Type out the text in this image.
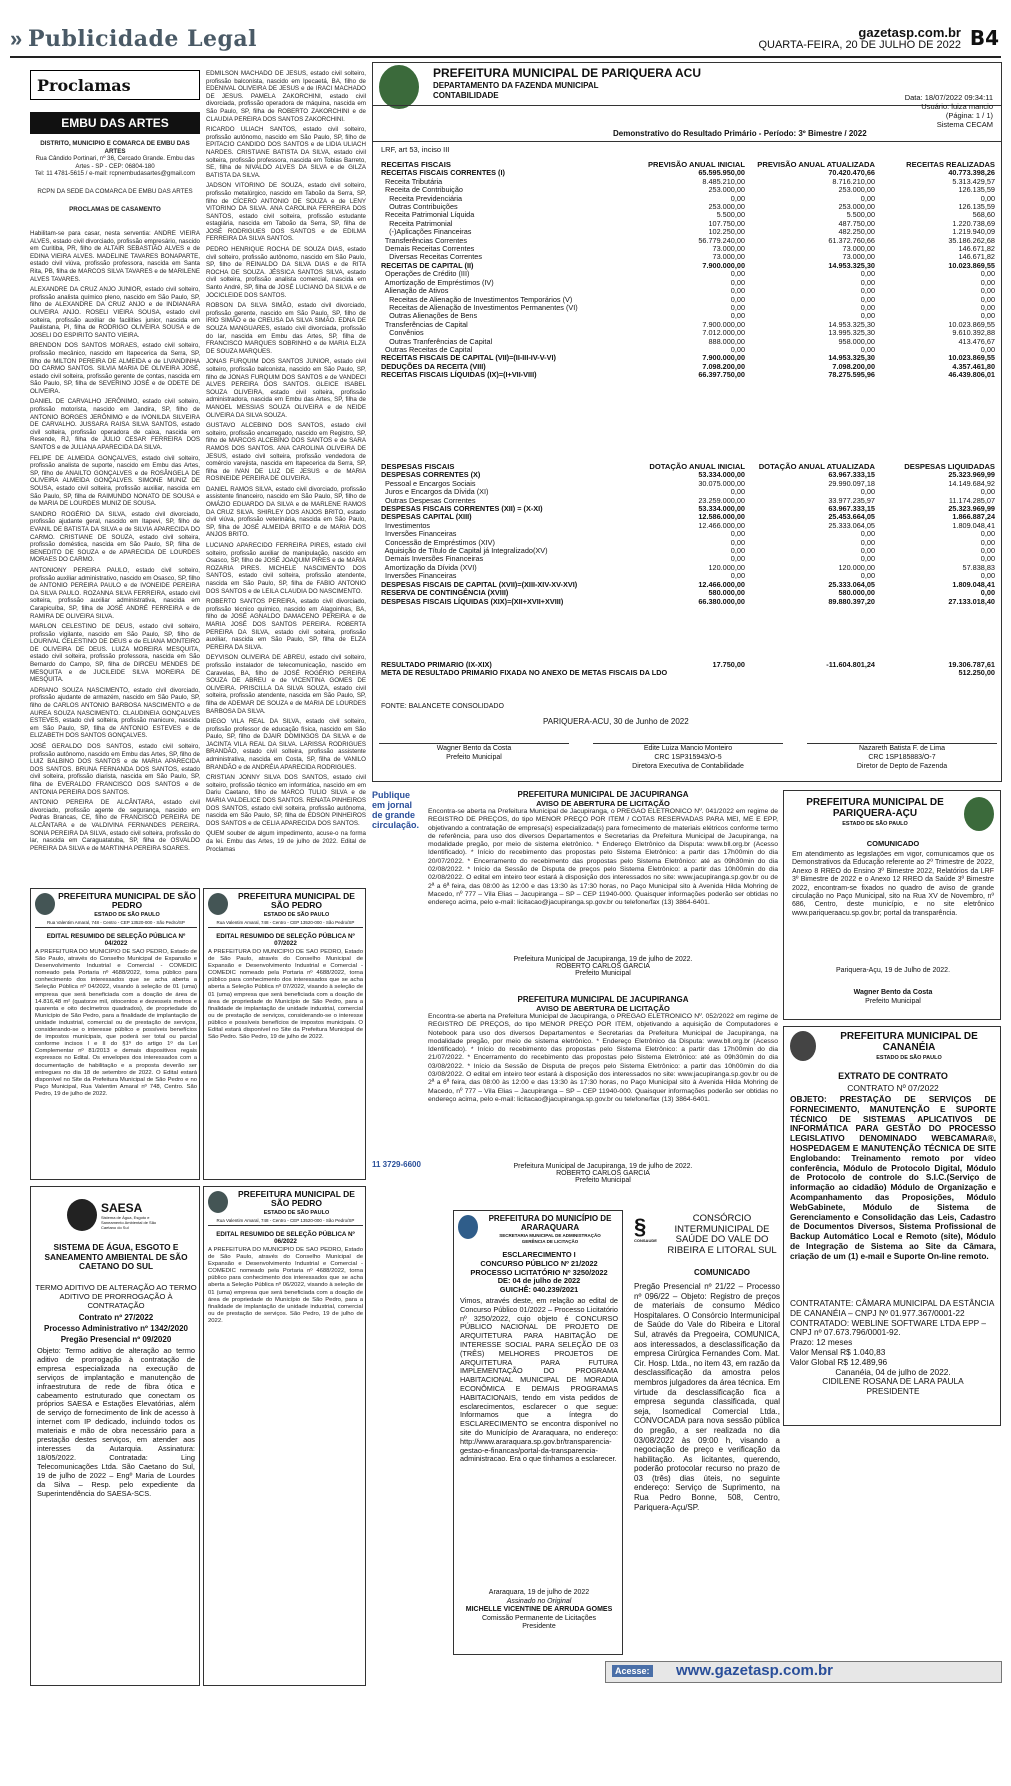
» Publicidade Legal	gazetasp.com.br
QUARTA-FEIRA, 20 DE JULHO DE 2022 B4
Proclamas
EMBU DAS ARTES
DISTRITO, MUNICÍPIO E COMARCA DE EMBU DAS ARTES
Rua Cândido Portinari, nº 36, Cercado Grande. Embu das Artes - SP - CEP: 06804-180
Tel: 11 4781-5615 / e-mail: rcpnembudasartes@gmail.com
RCPN DA SEDE DA COMARCA DE EMBU DAS ARTES
PROCLAMAS DE CASAMENTO

Habilitam-se para casar, nesta serventia: ANDRÉ VIEIRA ALVES, estado civil divorciado, profissão empresário, nascido em Curitiba, PR, filho de ALTAIR SEBASTIÃO ALVES e de EDINA VIEIRA ALVES. MADELINE TAVARES BONAPARTE, estado civil viúva, profissão professora, nascida em Santa Rita, PB, filha de MARCOS SILVA TAVARES e de MARILENE ALVES TAVARES.

ALEXANDRE DA CRUZ ANJO JUNIOR, estado civil solteiro, profissão analista químico pleno, nascido em São Paulo, SP, filho de ALEXANDRE DA CRUZ ANJO e de INDIANARA OLIVEIRA ANJO. ROSELI VIEIRA SOUSA, estado civil solteira, profissão auxiliar de facilities junior, nascida em Paulistana, PI, filha de RODRIGO OLIVEIRA SOUSA e de JOSELI DO ESPIRITO SANTO VIEIRA.

BRENDON DOS SANTOS MORAES, estado civil solteiro, profissão mecânico, nascido em Itapecerica da Serra, SP, filho de MILTON PEREIRA DE ALMEIDA e de LIVANDINHA DO CARMO SANTOS. SILVIA MARIA DE OLIVEIRA JOSÉ, estado civil solteira, profissão gerente de contas, nascida em São Paulo, SP, filha de SEVERINO JOSÉ e de ODETE DE OLIVEIRA.

DANIEL DE CARVALHO JERÔNIMO, estado civil solteiro, profissão motorista, nascido em Jandira, SP, filho de ANTONIO BORGES JERÔNIMO e de IVONILDA SILVEIRA DE CARVALHO. JUSSARA RAISA SILVA SANTOS, estado civil solteira, profissão operadora de caixa, nascida em Resende, RJ, filha de JULIO CESAR FERREIRA DOS SANTOS e de JULIANA APARECIDA DA SILVA.

FELIPE DE ALMEIDA GONÇALVES, estado civil solteiro, profissão analista de suporte, nascido em Embu das Artes, SP, filho de ANAILTO GONÇALVES e de ROSÂNGELA DE OLIVEIRA ALMEIDA GONÇALVES. SIMONE MUNIZ DE SOUSA, estado civil solteira, profissão auxiliar, nascida em São Paulo, SP, filha de RAIMUNDO NONATO DE SOUSA e de MARIA DE LOURDES MUNIZ DE SOUSA.

SANDRO ROGÉRIO DA SILVA, estado civil divorciado, profissão ajudante geral, nascido em Itapevi, SP, filho de EVANIL DE BATISTA DA SILVA e de SILVIA APARECIDA DO CARMO. CRISTIANE DE SOUZA, estado civil solteira, profissão doméstica, nascida em São Paulo, SP, filha de BENEDITO DE SOUZA e de APARECIDA DE LOURDES MORAES DO CARMO.

ANTONIONY PEREIRA PAULO, estado civil solteiro, profissão auxiliar administrativo, nascido em Osasco, SP, filho de ANTONIO PEREIRA PAULO e de IVONEIDE PEREIRA DA SILVA PAULO. ROZANNA SILVA FERREIRA, estado civil solteira, profissão auxiliar administrativa, nascida em Carapicuíba, SP, filha de JOSÉ ANDRÉ FERREIRA e de RAMIRA DE OLIVEIRA SILVA.

MARLON CELESTINO DE DEUS, estado civil solteiro, profissão vigilante, nascido em São Paulo, SP, filho de LOURIVAL CELESTINO DE DEUS e de ELIANA MONTEIRO DE OLIVEIRA DE DEUS. LUIZA MOREIRA MESQUITA, estado civil solteira, profissão professora, nascida em São Bernardo do Campo, SP, filha de DIRCEU MENDES DE MESQUITA e de JUCILEIDE SILVA MOREIRA DE MESQUITA.

ADRIANO SOUZA NASCIMENTO, estado civil divorciado, profissão ajudante de armazém, nascido em São Paulo, SP, filho de CARLOS ANTONIO BARBOSA NASCIMENTO e de AUREA SOUZA NASCIMENTO. CLAUDINEIA GONÇALVES ESTEVES, estado civil solteira, profissão manicure, nascida em São Paulo, SP, filha de ANTONIO ESTEVES e de ELIZABETH DOS SANTOS GONÇALVES.

JOSÉ GERALDO DOS SANTOS, estado civil solteiro, profissão autônomo, nascido em Embu das Artes, SP, filho de LUIZ BALBINO DOS SANTOS e de MARIA APARECIDA DOS SANTOS. BRUNA FERNANDA DOS SANTOS, estado civil solteira, profissão diarista, nascida em São Paulo, SP, filha de EVERALDO FRANCISCO DOS SANTOS e de ANTONIA PEREIRA DOS SANTOS.

ANTONIO PEREIRA DE ALCÂNTARA, estado civil divorciado, profissão agente de segurança, nascido em Pedras Brancas, CE, filho de FRANCISCO PEREIRA DE ALCÂNTARA e de VALDIVINA FERNANDES PEREIRA. SONIA PEREIRA DA SILVA, estado civil solteira, profissão do lar, nascida em Caraguatatuba, SP, filha de OSVALDO PEREIRA DA SILVA e de MARTINHA PEREIRA SOARES.

EDMILSON MACHADO DE JESUS, estado civil solteiro, profissão balconista, nascido em Ipecaetá, BA, filho de EDENIVAL OLIVEIRA DE JESUS e de IRACI MACHADO DE JESUS. PAMELA ZAKORCHINI, estado civil divorciada, profissão operadora de máquina, nascida em São Paulo, SP, filha de ROBERTO ZAKORCHINI e de CLAUDIA PEREIRA DOS SANTOS ZAKORCHINI.

RICARDO ULIACH SANTOS, estado civil solteiro, profissão autônomo, nascido em São Paulo, SP, filho de EPITACIO CANDIDO DOS SANTOS e de LIDIA ULIACH NARDES. CRISTIANE BATISTA DA SILVA, estado civil solteira, profissão professora, nascida em Tobias Barreto, SE, filha de NIVALDO ALVES DA SILVA e de GILZA BATISTA DA SILVA.

JADSON VITORINO DE SOUZA, estado civil solteiro, profissão metalúrgico, nascido em Taboão da Serra, SP, filho de CÍCERO ANTONIO DE SOUZA e de LENY VITORINO DA SILVA. ANA CAROLINA FERREIRA DOS SANTOS, estado civil solteira, profissão estudante estagiária, nascida em Taboão da Serra, SP, filha de JOSÉ RODRIGUES DOS SANTOS e de EDILMA FERREIRA DA SILVA SANTOS.

PEDRO HENRIQUE ROCHA DE SOUZA DIAS, estado civil solteiro, profissão autônomo, nascido em São Paulo, SP, filho de REINALDO DA SILVA DIAS e de RITA ROCHA DE SOUZA. JÉSSICA SANTOS SILVA, estado civil solteira, profissão analista comercial, nascida em Santo André, SP, filha de JOSÉ LUCIANO DA SILVA e de JOCICLEIDE DOS SANTOS.

ROBSON DA SILVA SIMÃO, estado civil divorciado, profissão gerente, nascido em São Paulo, SP, filho de IRIO SIMÃO e de CREUSA DA SILVA SIMÃO. EDNA DE SOUZA MANGUARES, estado civil divorciada, profissão do lar, nascida em Embu das Artes, SP, filha de FRANCISCO MARQUES SOBRINHO e de MARIA ELZA DE SOUZA MARQUES.

JONAS FURQUIM DOS SANTOS JUNIOR, estado civil solteiro, profissão balconista, nascido em São Paulo, SP, filho de JONAS FURQUIM DOS SANTOS e de VANDECI ALVES PEREIRA DOS SANTOS. GLEICE ISABEL SOUZA OLIVEIRA, estado civil solteira, profissão administradora, nascida em Embu das Artes, SP, filha de MANOEL MESSIAS SOUZA OLIVEIRA e de NEIDE OLIVEIRA DA SILVA SOUZA.

GUSTAVO ALCEBINO DOS SANTOS, estado civil solteiro, profissão encarregado, nascido em Registro, SP, filho de MARCOS ALCEBINO DOS SANTOS e de SARA RAMOS DOS SANTOS. ANA CAROLINA OLIVEIRA DE JESUS, estado civil solteira, profissão vendedora de comércio varejista, nascida em Itapecerica da Serra, SP, filha de IVAN DE LUZ DE JESUS e de MARIA ROSINEIDE PEREIRA DE OLIVEIRA.

DANIEL RAMOS SILVA, estado civil divorciado, profissão assistente financeiro, nascido em São Paulo, SP, filho de OMÁZIO EDUARDO DA SILVA e de MARLENE RAMOS DA CRUZ SILVA. SHIRLEY DOS ANJOS BRITO, estado civil viúva, profissão veterinária, nascida em São Paulo, SP, filha de JOSÉ ALMEIDA BRITO e de MARIA DOS ANJOS BRITO.

LUCIANO APARECIDO FERREIRA PIRES, estado civil solteiro, profissão auxiliar de manipulação, nascido em Osasco, SP, filho de JOSÉ JOAQUIM PIRES e de MARIA ROZARIA PIRES. MICHELE NASCIMENTO DOS SANTOS, estado civil solteira, profissão atendente, nascida em São Paulo, SP, filha de FABIO ANTONIO DOS SANTOS e de LEILA CLAUDIA DO NASCIMENTO.

ROBERTO SANTOS PEREIRA, estado civil divorciado, profissão técnico químico, nascido em Alagoinhas, BA, filho de JOSÉ AGNALDO DAMACENO PEREIRA e de MARIA JOSÉ DOS SANTOS PEREIRA. ROBERTA PEREIRA DA SILVA, estado civil solteira, profissão auxiliar, nascida em São Paulo, SP, filha de ELZA PEREIRA DA SILVA.

DEYVISON OLIVEIRA DE ABREU, estado civil solteiro, profissão instalador de telecomunicação, nascido em Caravelas, BA, filho de JOSÉ ROGÉRIO PEREIRA SOUZA DE ABREU e de VICENTINA GOMES DE OLIVEIRA. PRISCILLA DA SILVA SOUZA, estado civil solteira, profissão atendente, nascida em São Paulo, SP, filha de ADEMAR DE SOUZA e de MARIA DE LOURDES BARBOSA DA SILVA.

DIEGO VILA REAL DA SILVA, estado civil solteiro, profissão professor de educação física, nascido em São Paulo, SP, filho de DJAIR DOMINGOS DA SILVA e de JACINTA VILA REAL DA SILVA. LARISSA RODRIGUES BRANDÃO, estado civil solteira, profissão assistente administrativa, nascida em Costa, SP, filha de VANILO BRANDÃO e de ANDRÉIA APARECIDA RODRIGUES.

CRISTIAN JONNY SILVA DOS SANTOS, estado civil solteiro, profissão técnico em informática, nascido em em Dariu Caetano, filho de MARCO TULIO SILVA e de MARIA VALDELICE DOS SANTOS. RENATA PINHEIROS DOS SANTOS, estado civil solteira, profissão autônoma, nascida em São Paulo, SP, filha de EDSON PINHEIROS DOS SANTOS e de CELIA APARECIDA DOS SANTOS.

QUEM souber de algum impedimento, acuse-o na forma da lei. Embu das Artes, 19 de julho de 2022. Edital de Proclamas

PREFEITURA MUNICIPAL DE PARIQUERA ACU
DEPARTAMENTO DA FAZENDA MUNICIPAL
CONTABILIDADE	Data: 18/07/2022 09:34:11
Usuário: luiza mancio
(Página: 1 / 1)
Sistema CECAM
Demonstrativo do Resultado Primário - Período: 3º Bimestre / 2022
LRF, art 53, inciso III
RECEITAS FISCAIS	PREVISÃO ANUAL INICIAL	PREVISÃO ANUAL ATUALIZADA	RECEITAS REALIZADAS
RECEITAS FISCAIS CORRENTES (I)	65.595.950,00	70.420.470,66	40.773.398,26
Receita Tributária	8.485.210,00	8.716.210,00	5.313.429,57
Receita de Contribuição	253.000,00	253.000,00	126.135,59
Receita Previdenciária	0,00	0,00	0,00
Outras Contribuições	253.000,00	253.000,00	126.135,59
Receita Patrimonial Líquida	5.500,00	5.500,00	568,60
Receita Patrimonial	107.750,00	487.750,00	1.220.738,69
(-)Aplicações Financeiras	102.250,00	482.250,00	1.219.940,09
Transferências Correntes	56.779.240,00	61.372.760,66	35.186.262,68
Demais Receitas Correntes	73.000,00	73.000,00	146.671,82
Diversas Receitas Correntes	73.000,00	73.000,00	146.671,82
RECEITAS DE CAPITAL (II)	7.900.000,00	14.953.325,30	10.023.869,55
Operações de Crédito (III)	0,00	0,00	0,00
Amortização de Empréstimos (IV)	0,00	0,00	0,00
Alienação de Ativos	0,00	0,00	0,00
Receitas de Alienação de Investimentos Temporários (V)	0,00	0,00	0,00
Receitas de Alienação de Investimentos Permanentes (VI)	0,00	0,00	0,00
Outras Alienações de Bens	0,00	0,00	0,00
Transferências de Capital	7.900.000,00	14.953.325,30	10.023.869,55
Convênios	7.012.000,00	13.995.325,30	9.610.392,88
Outras Tranferências de Capital	888.000,00	958.000,00	413.476,67
Outras Receitas de Capital	0,00	0,00	0,00
RECEITAS FISCAIS DE CAPITAL (VII)=(II-III-IV-V-VI)	7.900.000,00	14.953.325,30	10.023.869,55
DEDUÇÕES DA RECEITA (VIII)	7.098.200,00	7.098.200,00	4.357.461,80
RECEITAS FISCAIS LÍQUIDAS (IX)=(I+VII-VIII)	66.397.750,00	78.275.595,96	46.439.806,01
DESPESAS FISCAIS	DOTAÇÃO ANUAL INICIAL	DOTAÇÃO ANUAL ATUALIZADA	DESPESAS LIQUIDADAS
DESPESAS CORRENTES (X)	53.334.000,00	63.967.333,15	25.323.969,99
Pessoal e Encargos Sociais	30.075.000,00	29.990.097,18	14.149.684,92
Juros e Encargos da Dívida (XI)	0,00	0,00	0,00
Outras Despesas Correntes	23.259.000,00	33.977.235,97	11.174.285,07
DESPESAS FISCAIS CORRENTES (XII) = (X-XI)	53.334.000,00	63.967.333,15	25.323.969,99
DESPESAS CAPITAL (XIII)	12.586.000,00	25.453.664,05	1.866.887,24
Investimentos	12.466.000,00	25.333.064,05	1.809.048,41
Inversões Financeiras	0,00	0,00	0,00
Concessão de Empréstimos (XIV)	0,00	0,00	0,00
Aquisição de Título de Capital já Integralizado(XV)	0,00	0,00	0,00
Demais Inversões Financeiras	0,00	0,00	0,00
Amortização da Dívida (XVI)	120.000,00	120.000,00	57.838,83
Inversões Financeiras	0,00	0,00	0,00
DESPESAS FISCAIS DE CAPITAL (XVII)=(XIII-XIV-XV-XVI)	12.466.000,00	25.333.064,05	1.809.048,41
RESERVA DE CONTINGÊNCIA (XVIII)	580.000,00	580.000,00	0,00
DESPESAS FISCAIS LÍQUIDAS (XIX)=(XII+XVII+XVIII)	66.380.000,00	89.880.397,20	27.133.018,40
RESULTADO PRIMARIO (IX-XIX)	17.750,00	-11.604.801,24	19.306.787,61
META DE RESULTADO PRIMARIO FIXADA NO ANEXO DE METAS FISCAIS DA LDO			512.250,00
FONTE: BALANCETE CONSOLIDADO
PARIQUERA-ACU, 30 de Junho de 2022
Wagner Bento da Costa
Prefeito Municipal
Edite Luiza Mancio Monteiro
CRC 1SP315943/O-5
Diretora Executiva de Contabilidade
Nazareth Batista F. de Lima
CRC 1SP185883/O-7
Diretor de Depto de Fazenda
PREFEITURA MUNICIPAL DE SÃO PEDRO
ESTADO DE SÃO PAULO
Rua Valentim Amaral, 748 - Centro - CEP 13520-000 - São Pedro/SP
EDITAL RESUMIDO DE SELEÇÃO PÚBLICA Nº 04/2022
A PREFEITURA DO MUNICÍPIO DE SÃO PEDRO, Estado de São Paulo, através do Conselho Municipal de Expansão e Desenvolvimento Industrial e Comercial - COMEDIC nomeado pela Portaria nº 4688/2022, torna público para conhecimento dos interessados que se acha aberta a Seleção Pública nº 04/2022, visando à seleção de 01 (uma) empresa que será beneficiada com a doação de área de 14.816,48 m² (quatorze mil, oitocentos e dezesseis metros e quarenta e oito decímetros quadrados), de propriedade do Município de São Pedro, para a finalidade de implantação de unidade industrial, comercial ou de prestação de serviços, considerando-se o interesse público e possíveis benefícios de impostos municipais, que poderá ser total ou parcial conforme incisos I e II do §1º do artigo 1º da Lei Complementar nº 81/2013 e demais dispositivos regais expressos no Edital. Os envelopes dos interessados com a documentação de habilitação e a proposta deverão ser entregues no dia 18 de setembro de 2022. O Edital estará disponível no Site da Prefeitura Municipal de São Pedro e no Paço Municipal, Rua Valentim Amaral nº 748, Centro. São Pedro, 19 de julho de 2022.
PREFEITURA MUNICIPAL DE SÃO PEDRO
ESTADO DE SÃO PAULO
Rua Valentim Amaral, 748 - Centro - CEP 13520-000 - São Pedro/SP
EDITAL RESUMIDO DE SELEÇÃO PÚBLICA Nº 07/2022
A PREFEITURA DO MUNICÍPIO DE SÃO PEDRO, Estado de São Paulo, através do Conselho Municipal de Expansão e Desenvolvimento Industrial e Comercial - COMEDIC nomeado pela Portaria nº 4688/2022, torna público para conhecimento dos interessados que se acha aberta a Seleção Pública nº 07/2022, visando à seleção de 01 (uma) empresa que será beneficiada com a doação de área de propriedade do Município de São Pedro, para a finalidade de implantação de unidade industrial, comercial ou de prestação de serviços, considerando-se o interesse público e possíveis benefícios de impostos municipais. O Edital estará disponível no Site da Prefeitura Municipal de São Pedro. São Pedro, 19 de julho de 2022.
Publique em jornal de grande circulação.
11 3729-6600
PREFEITURA MUNICIPAL DE JACUPIRANGA
AVISO DE ABERTURA DE LICITAÇÃO
Encontra-se aberta na Prefeitura Municipal de Jacupiranga, o PREGÃO ELETRÔNICO Nº. 041/2022 em regime de REGISTRO DE PREÇOS, do tipo MENOR PREÇO POR ITEM / COTAS RESERVADAS PARA MEI, ME E EPP, objetivando a contratação de empresa(s) especializada(s) para fornecimento de materiais elétricos conforme termo de referência, para uso dos diversos Departamentos e Secretarias da Prefeitura Municipal de Jacupiranga, na modalidade pregão, por meio de sistema eletrônico. * Endereço Eletrônico da Disputa: www.bll.org.br (Acesso Identificado). * Início do recebimento das propostas pelo Sistema Eletrônico: a partir das 17h00min do dia 20/07/2022. * Encerramento do recebimento das propostas pelo Sistema Eletrônico: até as 09h30min do dia 02/08/2022. * Início da Sessão de Disputa de preços pelo Sistema Eletrônico: a partir das 10h00min do dia 02/08/2022. O edital em inteiro teor estará à disposição dos interessados no site: www.jacupiranga.sp.gov.br ou de 2ª a 6ª feira, das 08:00 às 12:00 e das 13:30 às 17:30 horas, no Paço Municipal sito à Avenida Hilda Mohring de Macedo, nº 777 – Vila Elias – Jacupiranga – SP – CEP 11940-000. Quaisquer informações poderão ser obtidas no endereço acima, pelo e-mail: licitacao@jacupiranga.sp.gov.br ou telefone/fax (13) 3864-6401.
Prefeitura Municipal de Jacupiranga, 19 de julho de 2022.
ROBERTO CARLOS GARCIA
Prefeito Municipal
PREFEITURA MUNICIPAL DE JACUPIRANGA
AVISO DE ABERTURA DE LICITAÇÃO
Encontra-se aberta na Prefeitura Municipal de Jacupiranga, o PREGÃO ELETRÔNICO Nº. 052/2022 em regime de REGISTRO DE PREÇOS, do tipo MENOR PREÇO POR ITEM, objetivando a aquisição de Computadores e Notebook para uso dos diversos Departamentos e Secretarias da Prefeitura Municipal de Jacupiranga, na modalidade pregão, por meio de sistema eletrônico. * Endereço Eletrônico da Disputa: www.bll.org.br (Acesso Identificado). * Início do recebimento das propostas pelo Sistema Eletrônico: a partir das 17h00min do dia 21/07/2022. * Encerramento do recebimento das propostas pelo Sistema Eletrônico: até as 09h30min do dia 03/08/2022. * Início da Sessão de Disputa de preços pelo Sistema Eletrônico: a partir das 10h00min do dia 03/08/2022. O edital em inteiro teor estará à disposição dos interessados no site: www.jacupiranga.sp.gov.br ou de 2ª a 6ª feira, das 08:00 às 12:00 e das 13:30 às 17:30 horas, no Paço Municipal sito à Avenida Hilda Mohring de Macedo, nº 777 – Vila Elias – Jacupiranga – SP – CEP 11940-000. Quaisquer informações poderão ser obtidas no endereço acima, pelo e-mail: licitacao@jacupiranga.sp.gov.br ou telefone/fax (13) 3864-6401.
Prefeitura Municipal de Jacupiranga, 19 de julho de 2022.
ROBERTO CARLOS GARCIA
Prefeito Municipal
PREFEITURA MUNICIPAL DE PARIQUERA-AÇU
ESTADO DE SÃO PAULO
COMUNICADO
Em atendimento as legislações em vigor, comunicamos que os Demonstrativos da Educação referente ao 2º Trimestre de 2022, Anexo 8 RREO do Ensino 3º Bimestre 2022, Relatórios da LRF 3º Bimestre de 2022 e o Anexo 12 RREO da Saúde 3º Bimestre 2022, encontram-se fixados no quadro de aviso de grande circulação no Paço Municipal, sito na Rua XV de Novembro, nº 686, Centro, deste município, e no site eletrônico www.pariqueraacu.sp.gov.br; portal da transparência.
Pariquera-Açu, 19 de Julho de 2022.
Wagner Bento da Costa
Prefeito Municipal
PREFEITURA MUNICIPAL DE CANANÉIA
ESTADO DE SÃO PAULO
EXTRATO DE CONTRATO
CONTRATO Nº 07/2022
OBJETO: PRESTAÇÃO DE SERVIÇOS DE FORNECIMENTO, MANUTENÇÃO E SUPORTE TÉCNICO DE SISTEMAS APLICATIVOS DE INFORMÁTICA PARA GESTÃO DO PROCESSO LEGISLATIVO DENOMINADO WEBCAMARA®, HOSPEDAGEM E MANUTENÇÃO TÉCNICA DE SITE Englobando: Treinamento remoto por vídeo conferência, Módulo de Protocolo Digital, Módulo de Protocolo de controle do S.I.C.(Serviço de informação ao cidadão) Módulo de Organização e Acompanhamento das Proposições, Módulo WebGabinete, Módulo de Sistema de Gerenciamento e Consolidação das Leis, Cadastro de Documentos Diversos, Sistema Profissional de Backup Automático Local e Remoto (site), Módulo de Integração de Sistema ao Site da Câmara, criação de um (1) e-mail e Suporte On-line remoto.
CONTRATANTE: CÂMARA MUNICIPAL DA ESTÂNCIA DE CANANÉIA – CNPJ Nº 01.977.367/0001-22
CONTRATADO: WEBLINE SOFTWARE LTDA EPP – CNPJ nº 07.673.796/0001-92.
Prazo: 12 meses
Valor Mensal R$ 1.040,83
Valor Global R$ 12.489,96
Cananéia, 04 de julho de 2022.
CIDILENE ROSANA DE LARA PAULA
PRESIDENTE
SAESA
Sistema de Água, Esgoto e Saneamento Ambiental de São Caetano do Sul
SISTEMA DE ÁGUA, ESGOTO E SANEAMENTO AMBIENTAL DE SÃO CAETANO DO SUL
TERMO ADITIVO DE ALTERAÇÃO AO TERMO ADITIVO DE PRORROGAÇÃO À CONTRATAÇÃO
Contrato nº 27/2022
Processo Administrativo nº 1342/2020
Pregão Presencial nº 09/2020
Objeto: Termo aditivo de alteração ao termo aditivo de prorrogação à contratação de empresa especializada na execução de serviços de implantação e manutenção de infraestrutura de rede de fibra ótica e cabeamento estruturado que conectam os próprios SAESA e Estações Elevatórias, além de serviço de fornecimento de link de acesso à internet com IP dedicado, incluindo todos os materiais e mão de obra necessário para a prestação destes serviços, em atender aos interesses da Autarquia. Assinatura: 18/05/2022. Contratada: Ling Telecomunicações Ltda. São Caetano do Sul, 19 de julho de 2022 – Engº Maria de Lourdes da Silva – Resp. pelo expediente da Superintendência do SAESA-SCS.
PREFEITURA MUNICIPAL DE SÃO PEDRO
ESTADO DE SÃO PAULO
Rua Valentim Amaral, 748 - Centro - CEP 13520-000 - São Pedro/SP
EDITAL RESUMIDO DE SELEÇÃO PÚBLICA Nº 06/2022
A PREFEITURA DO MUNICÍPIO DE SÃO PEDRO, Estado de São Paulo, através do Conselho Municipal de Expansão e Desenvolvimento Industrial e Comercial - COMEDIC nomeado pela Portaria nº 4688/2022, torna público para conhecimento dos interessados que se acha aberta a Seleção Pública nº 06/2022, visando à seleção de 01 (uma) empresa que será beneficiada com a doação de área de propriedade do Município de São Pedro, para a finalidade de implantação de unidade industrial, comercial ou de prestação de serviços. São Pedro, 19 de julho de 2022.
PREFEITURA DO MUNICÍPIO DE ARARAQUARA
SECRETARIA MUNICIPAL DE ADMINISTRAÇÃO
GERÊNCIA DE LICITAÇÃO
ESCLARECIMENTO I
CONCURSO PÚBLICO Nº 21/2022
PROCESSO LICITATÓRIO Nº 3250/2022
DE: 04 de julho de 2022
GUICHÊ: 040.239/2021
Vimos, através deste, em relação ao edital de Concurso Público 01/2022 – Processo Licitatório nº 3250/2022, cujo objeto é CONCURSO PÚBLICO NACIONAL DE PROJETO DE ARQUITETURA PARA HABITAÇÃO DE INTERESSE SOCIAL PARA SELEÇÃO DE 03 (TRÊS) MELHORES PROJETOS DE ARQUITETURA PARA FUTURA IMPLEMENTAÇÃO DO PROGRAMA HABITACIONAL MUNICIPAL DE MORADIA ECONÔMICA E DEMAIS PROGRAMAS HABITACIONAIS, tendo em vista pedidos de esclarecimentos, esclarecer o que segue: Informamos que a íntegra do ESCLARECIMENTO se encontra disponível no site do Município de Araraquara, no endereço: http://www.araraquara.sp.gov.br/transparencia-gestao-e-financas/portal-da-transparencia-administracao. Era o que tínhamos a esclarecer.
Araraquara, 19 de julho de 2022
Assinado no Original
MICHELLE VICENTINE DE ARRUDA GOMES
Comissão Permanente de Licitações
Presidente
§
CONSAUDE
CONSÓRCIO INTERMUNICIPAL DE SAÚDE DO VALE DO RIBEIRA E LITORAL SUL
COMUNICADO
Pregão Presencial nº 21/22 – Processo nº 096/22 – Objeto: Registro de preços de materiais de consumo Médico Hospitalares. O Consórcio Intermunicipal de Saúde do Vale do Ribeira e Litoral Sul, através da Pregoeira, COMUNICA, aos interessados, a desclassificação da empresa Cirúrgica Fernandes Com. Mat. Cir. Hosp. Ltda., no item 43, em razão da desclassificação da amostra pelos membros julgadores da área técnica. Em virtude da desclassificação fica a empresa segunda classificada, qual seja, Isomedical Comercial Ltda., CONVOCADA para nova sessão pública do pregão, a ser realizada no dia 03/08/2022 às 09:00 h, visando a negociação de preço e verificação da habilitação. As licitantes, querendo, poderão protocolar recurso no prazo de 03 (três) dias úteis, no seguinte endereço: Serviço de Suprimento, na Rua Pedro Bonne, 508, Centro, Pariquera-Açu/SP.
Acesse: www.gazetasp.com.br
